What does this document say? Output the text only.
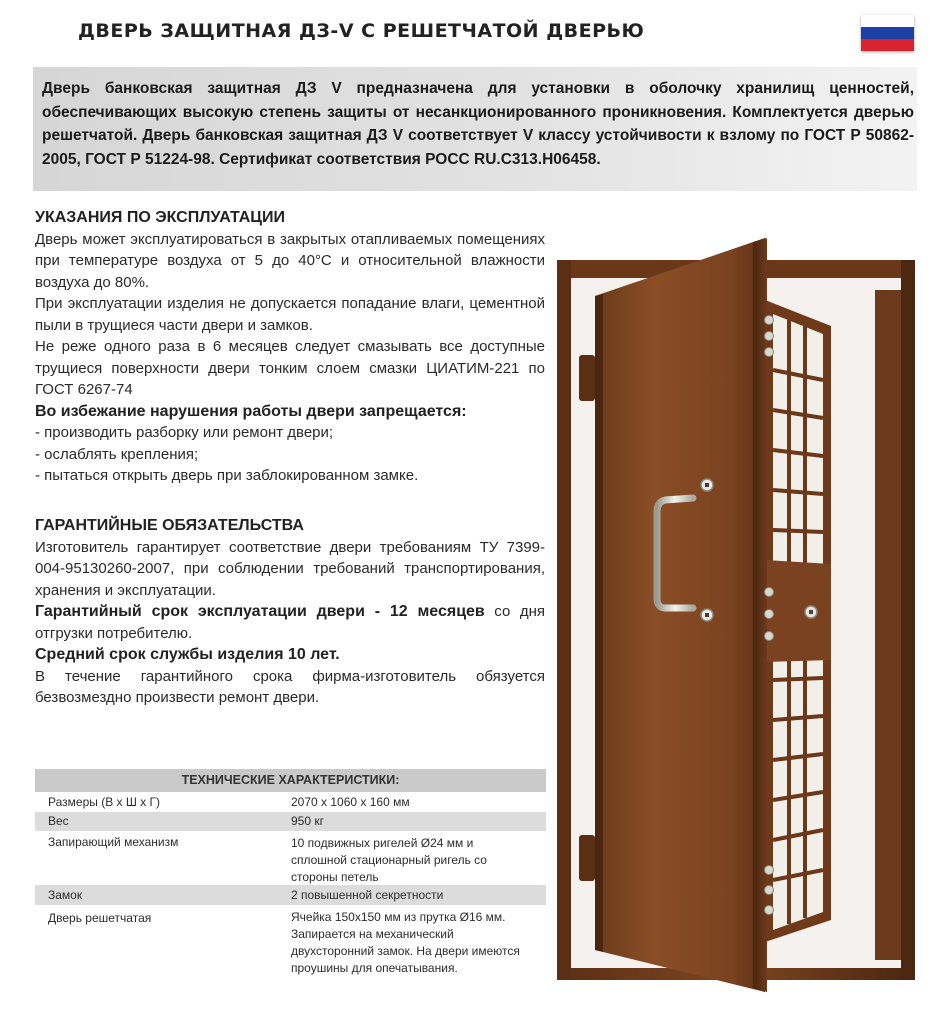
ДВЕРЬ ЗАЩИТНАЯ ДЗ-V С РЕШЕТЧАТОЙ ДВЕРЬЮ
Дверь банковская защитная ДЗ V предназначена для установки в оболочку хранилищ ценностей, обеспечивающих высокую степень защиты от несанкционированного проникновения. Комплектуется дверью решетчатой. Дверь банковская защитная ДЗ V соответствует V классу устойчивости к взлому по ГОСТ Р 50862-2005, ГОСТ Р 51224-98. Сертификат соответствия РОСС RU.С313.Н06458.
УКАЗАНИЯ ПО ЭКСПЛУАТАЦИИ

Дверь может эксплуатироваться в закрытых отапливаемых помещениях при температуре воздуха от 5 до 40°С и относительной влажности воздуха до 80%.

При эксплуатации изделия не допускается попадание влаги, цементной пыли в трущиеся части двери и замков.

Не реже одного раза в 6 месяцев следует смазывать все доступные трущиеся поверхности двери тонким слоем смазки ЦИАТИМ-221 по ГОСТ 6267-74

Во избежание нарушения работы двери запрещается:

- производить разборку или ремонт двери;

- ослаблять крепления;

- пытаться открыть дверь при заблокированном замке.

ГАРАНТИЙНЫЕ ОБЯЗАТЕЛЬСТВА

Изготовитель гарантирует соответствие двери требованиям ТУ 7399-004-95130260-2007, при соблюдении требований транспортирования, хранения и эксплуатации.

Гарантийный срок эксплуатации двери - 12 месяцев со дня отгрузки потребителю.

Средний срок службы изделия 10 лет.

В течение гарантийного срока фирма-изготовитель обязуется безвозмездно произвести ремонт двери.

ТЕХНИЧЕСКИЕ ХАРАКТЕРИСТИКИ:
Размеры (В х Ш х Г)	2070 х 1060 х 160 мм
Вес	950 кг
Запирающий механизм	10 подвижных ригелей Ø24 мм и сплошной стационарный ригель со стороны петель
Замок	2 повышенной секретности
Дверь решетчатая	Ячейка 150х150 мм из прутка Ø16 мм. Запирается на механический двухсторонний замок. На двери имеются проушины для опечатывания.
